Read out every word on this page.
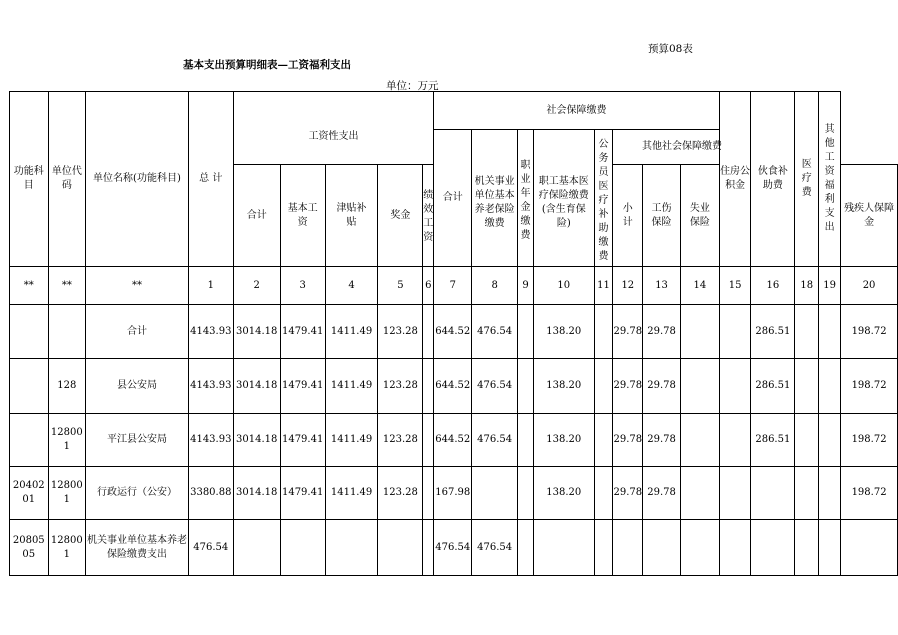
预算08表
基本支出预算明细表—工资福利支出
单位：万元
功能科目	单位代码	单位名称(功能科目)	总 计	工资性支出					社会保障缴费								住房公积金	伙食补助费	医疗费	其他工资福利支出	
									合计	机关事业单位基本养老保险缴费	职业年金缴费	职工基本医疗保险缴费(含生育保险)	公务员医疗补助缴费	其他社会保障缴费							
				合计	基本工资	津贴补贴	奖金	绩效工资						小计	工伤保险	失业保险					残疾人保障金
**	**	**	1	2	3	4	5	6	7	8	9	10	11	12	13	14	15	16	18	19	20
		合计	4143.93	3014.18	1479.41	1411.49	123.28		644.52	476.54		138.20		29.78	29.78			286.51			198.72
	128	县公安局	4143.93	3014.18	1479.41	1411.49	123.28		644.52	476.54		138.20		29.78	29.78			286.51			198.72
	128001	平江县公安局	4143.93	3014.18	1479.41	1411.49	123.28		644.52	476.54		138.20		29.78	29.78			286.51			198.72
2040201	128001	行政运行（公安）	3380.88	3014.18	1479.41	1411.49	123.28		167.98			138.20		29.78	29.78						198.72
2080505	128001	机关事业单位基本养老保险缴费支出	476.54						476.54	476.54											
